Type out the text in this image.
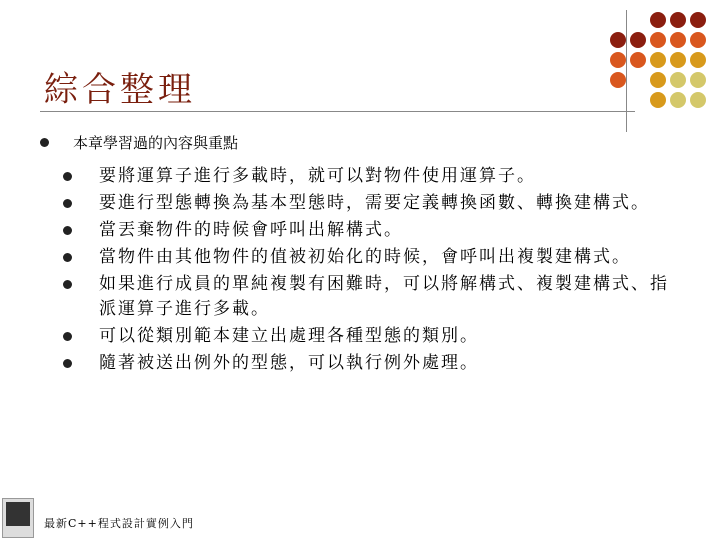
綜合整理
本章學習過的內容與重點
要將運算子進行多載時，就可以對物件使用運算子。
要進行型態轉換為基本型態時，需要定義轉換函數、轉換建構式。
當丟棄物件的時候會呼叫出解構式。
當物件由其他物件的值被初始化的時候，會呼叫出複製建構式。
如果進行成員的單純複製有困難時，可以將解構式、複製建構式、指派運算子進行多載。
可以從類別範本建立出處理各種型態的類別。
隨著被送出例外的型態，可以執行例外處理。
最新C++程式設計實例入門
